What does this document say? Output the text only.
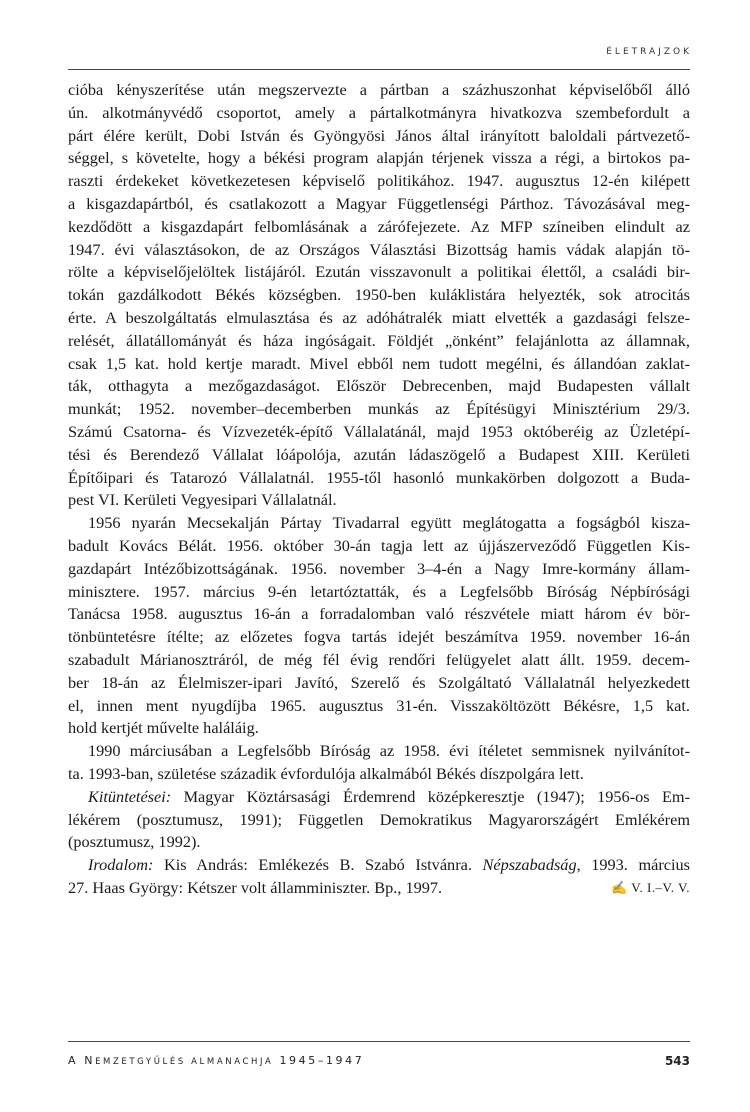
ÉLETRAJZOK
cióba kényszerítése után megszervezte a pártban a százhuszonhat képviselőből álló
ún. alkotmányvédő csoportot, amely a pártalkotmányra hivatkozva szembefordult a
párt élére került, Dobi István és Gyöngyösi János által irányított baloldali pártvezető-
séggel, s követelte, hogy a békési program alapján térjenek vissza a régi, a birtokos pa-
raszti érdekeket következetesen képviselő politikához. 1947. augusztus 12-én kilépett
a kisgazdapártból, és csatlakozott a Magyar Függetlenségi Párthoz. Távozásával meg-
kezdődött a kisgazdapárt felbomlásának a zárófejezete. Az MFP színeiben elindult az
1947. évi választásokon, de az Országos Választási Bizottság hamis vádak alapján tö-
rölte a képviselőjelöltek listájáról. Ezután visszavonult a politikai élettől, a családi bir-
tokán gazdálkodott Békés községben. 1950-ben kuláklistára helyezték, sok atrocitás
érte. A beszolgáltatás elmulasztása és az adóhátralék miatt elvették a gazdasági felsze-
relését, állatállományát és háza ingóságait. Földjét „önként” felajánlotta az államnak,
csak 1,5 kat. hold kertje maradt. Mivel ebből nem tudott megélni, és állandóan zaklat-
ták, otthagyta a mezőgazdaságot. Először Debrecenben, majd Budapesten vállalt
munkát; 1952. november–decemberben munkás az Építésügyi Minisztérium 29/3.
Számú Csatorna- és Vízvezeték-építő Vállalatánál, majd 1953 októberéig az Üzletépí-
tési és Berendező Vállalat lóápolója, azután ládaszögelő a Budapest XIII. Kerületi
Építőipari és Tatarozó Vállalatnál. 1955-től hasonló munkakörben dolgozott a Buda-
pest VI. Kerületi Vegyesipari Vállalatnál.
1956 nyarán Mecsekalján Pártay Tivadarral együtt meglátogatta a fogságból kisza-
badult Kovács Bélát. 1956. október 30-án tagja lett az újjászerveződő Független Kis-
gazdapárt Intézőbizottságának. 1956. november 3–4-én a Nagy Imre-kormány állam-
minisztere. 1957. március 9-én letartóztatták, és a Legfelsőbb Bíróság Népbírósági
Tanácsa 1958. augusztus 16-án a forradalomban való részvétele miatt három év bör-
tönbüntetésre ítélte; az előzetes fogva tartás idejét beszámítva 1959. november 16-án
szabadult Márianosztráról, de még fél évig rendőri felügyelet alatt állt. 1959. decem-
ber 18-án az Élelmiszer-ipari Javító, Szerelő és Szolgáltató Vállalatnál helyezkedett
el, innen ment nyugdíjba 1965. augusztus 31-én. Visszaköltözött Békésre, 1,5 kat.
hold kertjét művelte haláláig.
1990 márciusában a Legfelsőbb Bíróság az 1958. évi ítéletet semmisnek nyilvánítot-
ta. 1993-ban, születése századik évfordulója alkalmából Békés díszpolgára lett.
Kitüntetései: Magyar Köztársasági Érdemrend középkeresztje (1947); 1956-os Em-
lékérem (posztumusz, 1991); Független Demokratikus Magyarországért Emlékérem
(posztumusz, 1992).
Irodalom: Kis András: Emlékezés B. Szabó Istvánra. Népszabadság, 1993. március
27. Haas György: Kétszer volt államminiszter. Bp., 1997.	✍ V. I.–V. V.
A NEMZETGYŰLÉS ALMANACHJA 1945–1947	543
